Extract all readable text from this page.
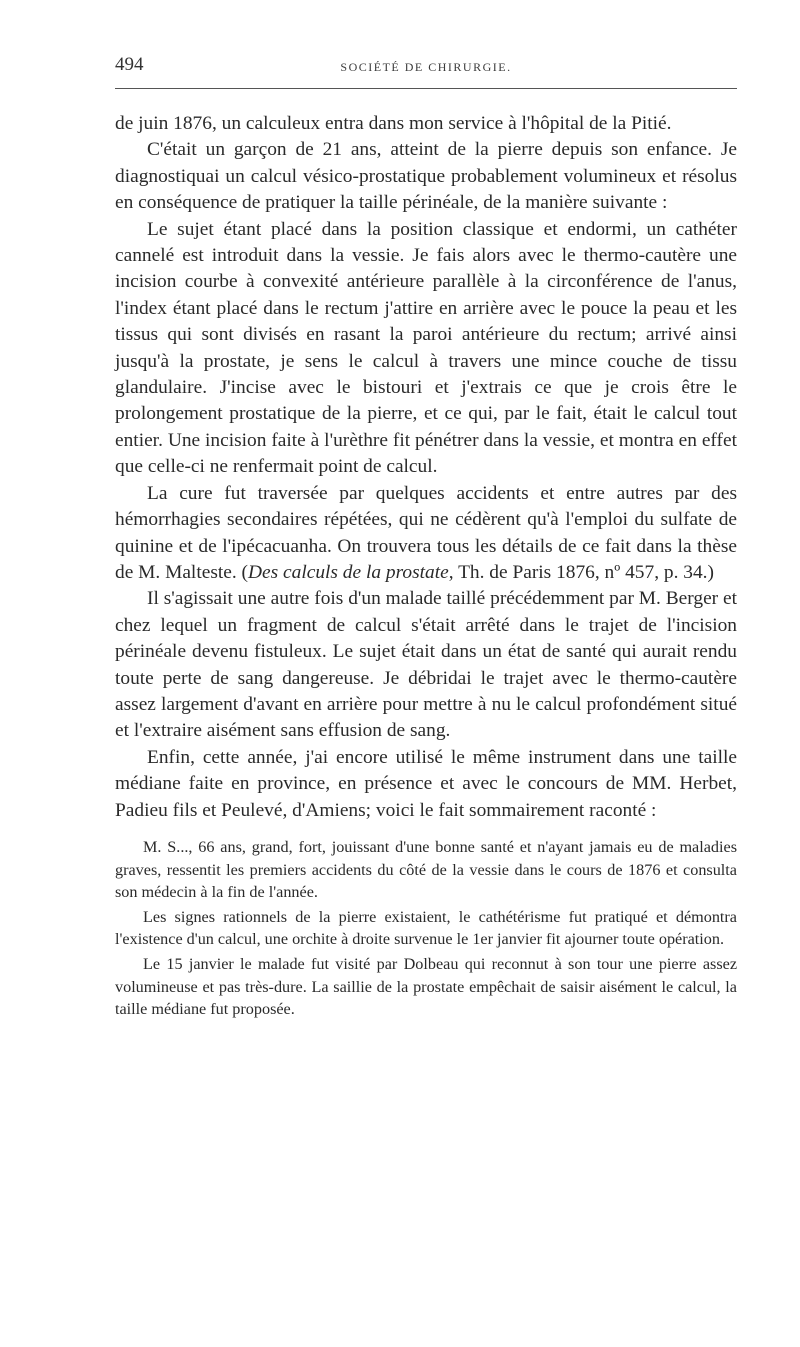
494	SOCIÉTÉ DE CHIRURGIE.

de juin 1876, un calculeux entra dans mon service à l'hôpital de la Pitié.

C'était un garçon de 21 ans, atteint de la pierre depuis son enfance. Je diagnostiquai un calcul vésico-prostatique probablement volumineux et résolus en conséquence de pratiquer la taille périnéale, de la manière suivante :

Le sujet étant placé dans la position classique et endormi, un cathéter cannelé est introduit dans la vessie. Je fais alors avec le thermo-cautère une incision courbe à convexité antérieure parallèle à la circonférence de l'anus, l'index étant placé dans le rectum j'attire en arrière avec le pouce la peau et les tissus qui sont divisés en rasant la paroi antérieure du rectum; arrivé ainsi jusqu'à la prostate, je sens le calcul à travers une mince couche de tissu glandulaire. J'incise avec le bistouri et j'extrais ce que je crois être le prolongement prostatique de la pierre, et ce qui, par le fait, était le calcul tout entier. Une incision faite à l'urèthre fit pénétrer dans la vessie, et montra en effet que celle-ci ne renfermait point de calcul.

La cure fut traversée par quelques accidents et entre autres par des hémorrhagies secondaires répétées, qui ne cédèrent qu'à l'emploi du sulfate de quinine et de l'ipécacuanha. On trouvera tous les détails de ce fait dans la thèse de M. Malteste. (Des calculs de la prostate, Th. de Paris 1876, nº 457, p. 34.)

Il s'agissait une autre fois d'un malade taillé précédemment par M. Berger et chez lequel un fragment de calcul s'était arrêté dans le trajet de l'incision périnéale devenu fistuleux. Le sujet était dans un état de santé qui aurait rendu toute perte de sang dangereuse. Je débridai le trajet avec le thermo-cautère assez largement d'avant en arrière pour mettre à nu le calcul profondément situé et l'extraire aisément sans effusion de sang.

Enfin, cette année, j'ai encore utilisé le même instrument dans une taille médiane faite en province, en présence et avec le concours de MM. Herbet, Padieu fils et Peulevé, d'Amiens; voici le fait sommairement raconté :

M. S..., 66 ans, grand, fort, jouissant d'une bonne santé et n'ayant jamais eu de maladies graves, ressentit les premiers accidents du côté de la vessie dans le cours de 1876 et consulta son médecin à la fin de l'année.

Les signes rationnels de la pierre existaient, le cathétérisme fut pratiqué et démontra l'existence d'un calcul, une orchite à droite survenue le 1er janvier fit ajourner toute opération.

Le 15 janvier le malade fut visité par Dolbeau qui reconnut à son tour une pierre assez volumineuse et pas très-dure. La saillie de la prostate empêchait de saisir aisément le calcul, la taille médiane fut proposée.
